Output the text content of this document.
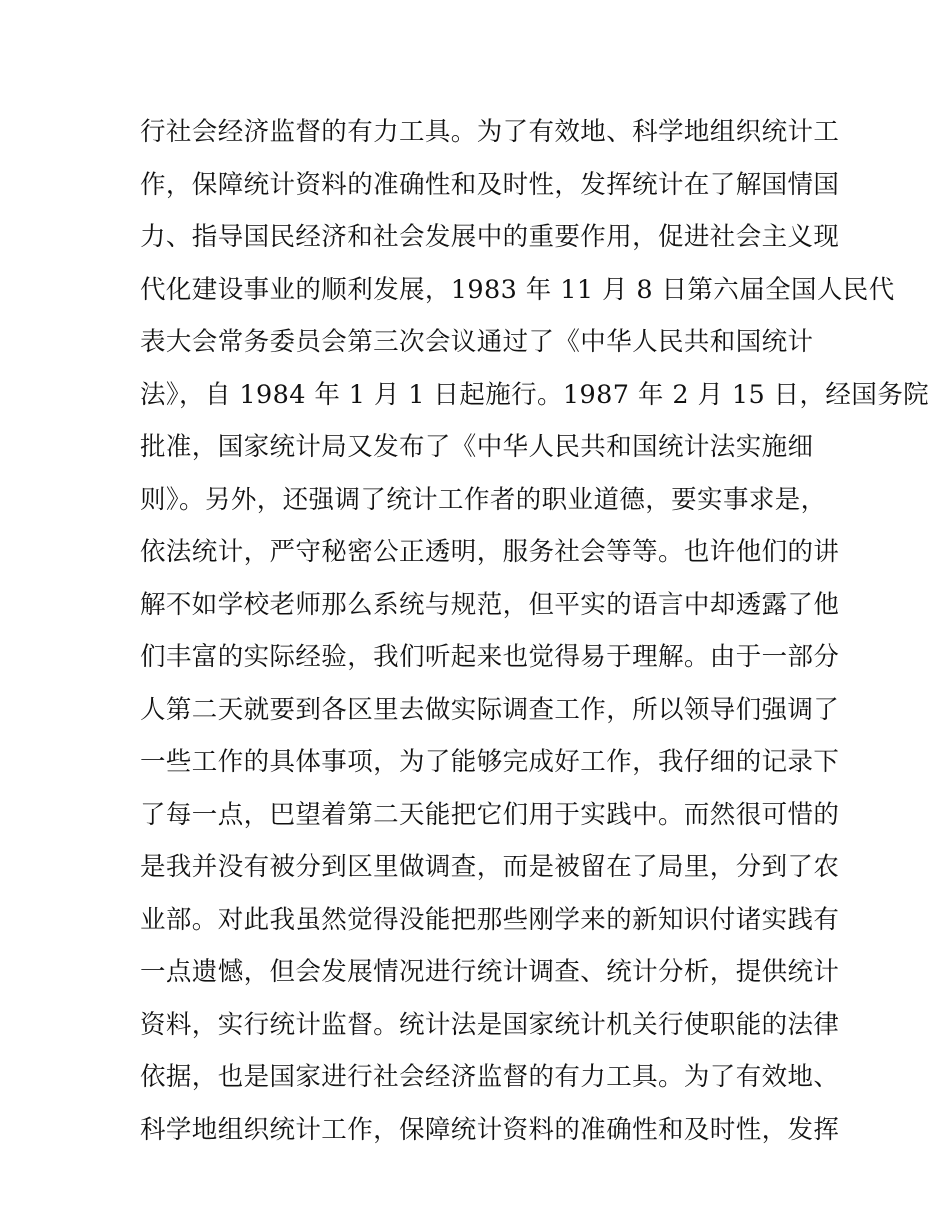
行社会经济监督的有力工具。为了有效地、科学地组织统计工
作，保障统计资料的准确性和及时性，发挥统计在了解国情国
力、指导国民经济和社会发展中的重要作用，促进社会主义现
代化建设事业的顺利发展，1983 年 11 月 8 日第六届全国人民代
表大会常务委员会第三次会议通过了《中华人民共和国统计
法》，自 1984 年 1 月 1 日起施行。1987 年 2 月 15 日，经国务院
批准，国家统计局又发布了《中华人民共和国统计法实施细
则》。另外，还强调了统计工作者的职业道德，要实事求是，
依法统计，严守秘密公正透明，服务社会等等。也许他们的讲
解不如学校老师那么系统与规范，但平实的语言中却透露了他
们丰富的实际经验，我们听起来也觉得易于理解。由于一部分
人第二天就要到各区里去做实际调查工作，所以领导们强调了
一些工作的具体事项，为了能够完成好工作，我仔细的记录下
了每一点，巴望着第二天能把它们用于实践中。而然很可惜的
是我并没有被分到区里做调查，而是被留在了局里，分到了农
业部。对此我虽然觉得没能把那些刚学来的新知识付诸实践有
一点遗憾，但会发展情况进行统计调查、统计分析，提供统计
资料，实行统计监督。统计法是国家统计机关行使职能的法律
依据，也是国家进行社会经济监督的有力工具。为了有效地、
科学地组织统计工作，保障统计资料的准确性和及时性，发挥
